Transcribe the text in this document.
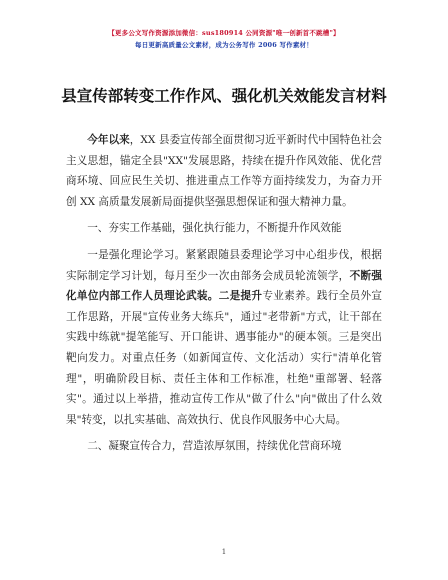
【更多公文写作资源添加微信：sus180914 公同资源"唯一创新首不跳槽"】
每日更新高质量公文素材，成为公务写作 2006 写作素材！
县宣传部转变工作作风、强化机关效能发言材料

今年以来，XX 县委宣传部全面贯彻习近平新时代中国特色社会主义思想，锚定全县"XX"发展思路，持续在提升作风效能、优化营商环境、回应民生关切、推进重点工作等方面持续发力，为奋力开创 XX 高质量发展新局面提供坚强思想保证和强大精神力量。

一、夯实工作基础，强化执行能力，不断提升作风效能

一是强化理论学习。紧紧跟随县委理论学习中心组步伐，根据实际制定学习计划，每月至少一次由部务会成员轮流领学，不断强化单位内部工作人员理论武装。二是提升专业素养。践行全员外宣工作思路，开展"宣传业务大练兵"，通过"老带新"方式，让干部在实践中练就"提笔能写、开口能讲、遇事能办"的硬本领。三是突出靶向发力。对重点任务（如新闻宣传、文化活动）实行"清单化管理"，明确阶段目标、责任主体和工作标准，杜绝"重部署、轻落实"。通过以上举措，推动宣传工作从"做了什么"向"做出了什么效果"转变，以扎实基础、高效执行、优良作风服务中心大局。

二、凝聚宣传合力，营造浓厚氛围，持续优化营商环境

1
